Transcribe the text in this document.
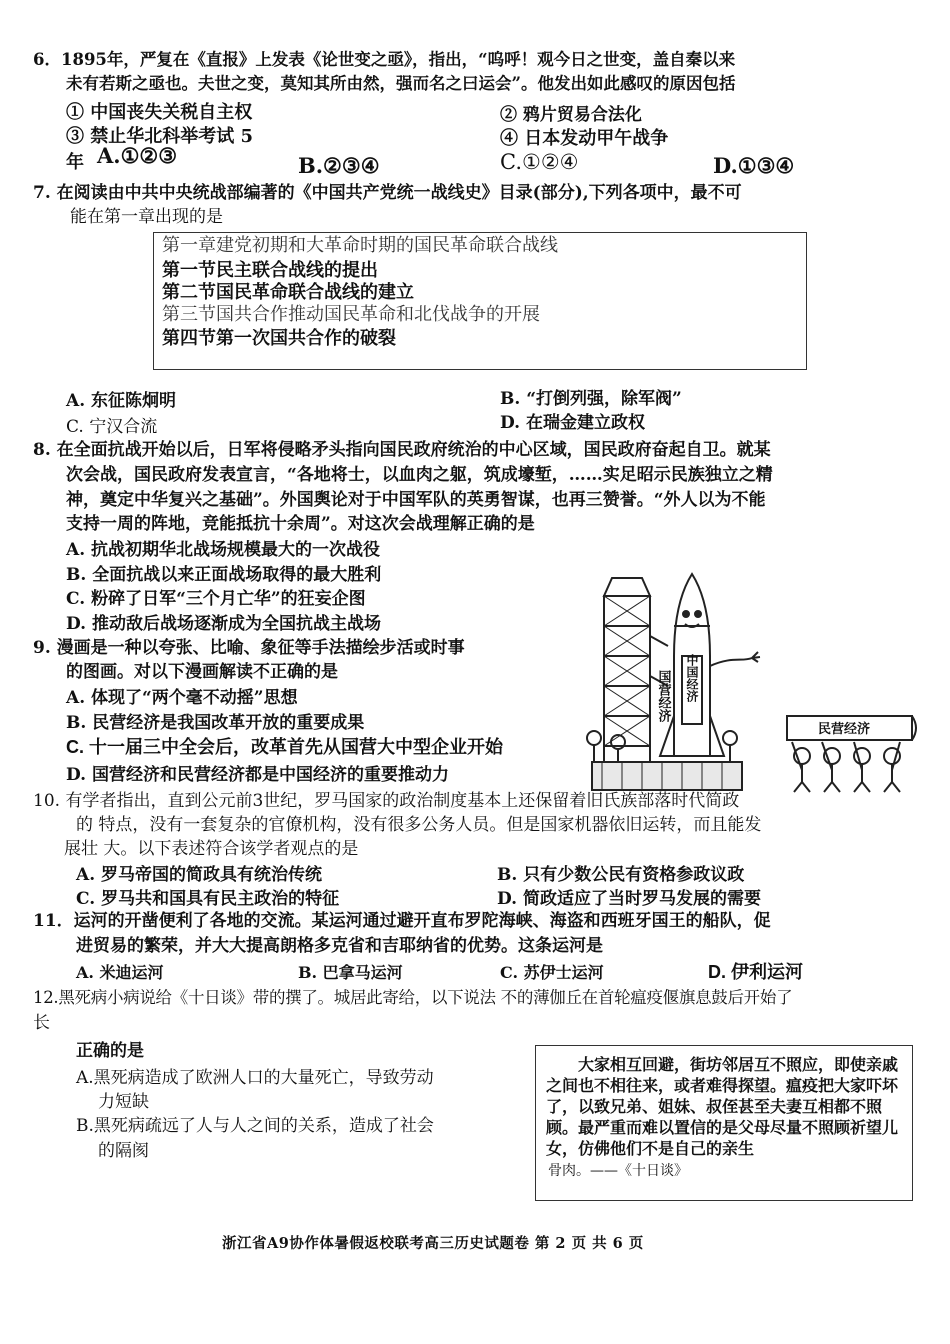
6．1895年，严复在《直报》上发表《论世变之亟》，指出，“呜呼！观今日之世变，盖自秦以来
未有若斯之亟也。夫世之变，莫知其所由然，强而名之曰运会”。他发出如此感叹的原因包括
① 中国丧失关税自主权	② 鸦片贸易合法化
③ 禁止华北科举考试 5	④ 日本发动甲午战争
年 A.①②③	B.②③④	C.①②④	D.①③④
7. 在阅读由中共中央统战部编著的《中国共产党统一战线史》目录(部分),下列各项中，最不可
能在第一章出现的是
第一章建党初期和大革命时期的国民革命联合战线
第一节民主联合战线的提出
第二节国民革命联合战线的建立
第三节国共合作推动国民革命和北伐战争的开展
第四节第一次国共合作的破裂
A. 东征陈炯明	B. “打倒列强，除军阀”
C. 宁汉合流	D. 在瑞金建立政权
8. 在全面抗战开始以后，日军将侵略矛头指向国民政府统治的中心区域，国民政府奋起自卫。就某
次会战，国民政府发表宣言，“各地将士，以血肉之躯，筑成壕堑，……实足昭示民族独立之精
神，奠定中华复兴之基础”。外国舆论对于中国军队的英勇智谋，也再三赞誉。“外人以为不能
支持一周的阵地，竞能抵抗十余周”。对这次会战理解正确的是
A. 抗战初期华北战场规模最大的一次战役
B. 全面抗战以来正面战场取得的最大胜利
C. 粉碎了日军“三个月亡华”的狂妄企图
D. 推动敌后战场逐渐成为全国抗战主战场
9. 漫画是一种以夸张、比喻、象征等手法描绘步活或时事
的图画。对以下漫画解读不正确的是
A. 体现了“两个毫不动摇”思想
B. 民营经济是我国改革开放的重要成果
C. 十一届三中全会后，改革首先从国营大中型企业开始
D. 国营经济和民营经济都是中国经济的重要推动力
中国经济
国营经济
民营经济
10. 有学者指出，直到公元前3世纪，罗马国家的政治制度基本上还保留着旧氏族部落时代简政
的 特点，没有一套复杂的官僚机构，没有很多公务人员。但是国家机器依旧运转，而且能发
展壮 大。以下表述符合该学者观点的是
A. 罗马帝国的简政具有统治传统	B. 只有少数公民有资格参政议政
C. 罗马共和国具有民主政治的特征	D. 简政适应了当时罗马发展的需要
11．运河的开凿便利了各地的交流。某运河通过避开直布罗陀海峡、海盗和西班牙国王的船队，促
进贸易的繁荣，并大大提高朗格多克省和吉耶纳省的优势。这条运河是
A. 米迪运河	B. 巴拿马运河	C. 苏伊士运河	D. 伊利运河
12.黑死病小病说给《十日谈》带的撰了。城居此寄给，以下说法 不的薄伽丘在首轮瘟疫偃旗息鼓后开始了
长
正确的是
A.黑死病造成了欧洲人口的大量死亡，导致劳动
力短缺
B.黑死病疏远了人与人之间的关系，造成了社会
的隔阂
大家相互回避，街坊邻居互不照应，即使亲戚之间也不相往来，或者难得探望。瘟疫把大家吓坏了，以致兄弟、姐妹、叔侄甚至夫妻互相都不照顾。最严重而难以置信的是父母尽量不照顾祈望儿女，仿佛他们不是自己的亲生
骨肉。——《十日谈》
浙江省A9协作体暑假返校联考高三历史试题卷 第 2 页 共 6 页
